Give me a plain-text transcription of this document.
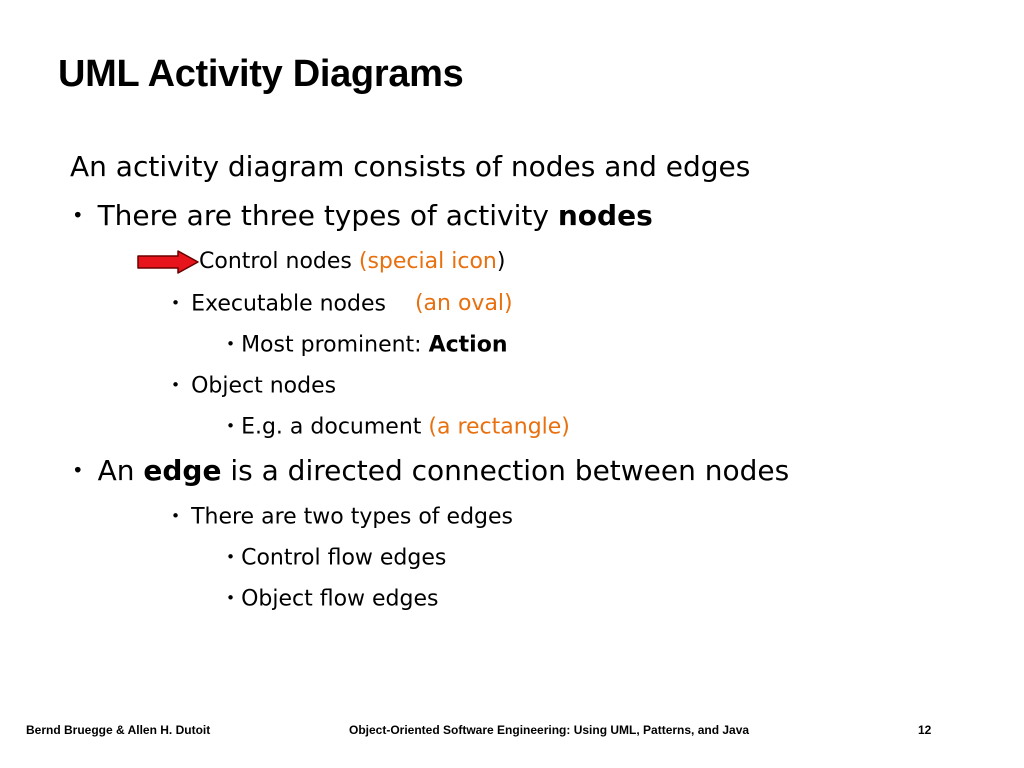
UML Activity Diagrams
An activity diagram consists of nodes and edges
• There are three types of activity nodes
Control nodes (special icon)
• Executable nodes (an oval)
• Most prominent: Action
• Object nodes
• E.g. a document (a rectangle)
• An edge is a directed connection between nodes
• There are two types of edges
• Control flow edges
• Object flow edges
Bernd Bruegge & Allen H. Dutoit	Object-Oriented Software Engineering: Using UML, Patterns, and Java	12
